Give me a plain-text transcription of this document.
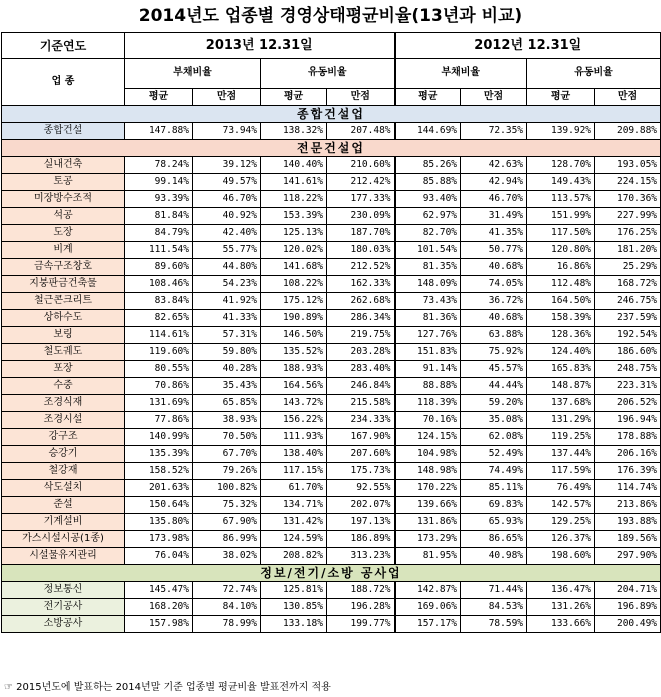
2014년도 업종별 경영상태평균비율(13년과 비교)
기준연도	2013년 12.31일				2012년 12.31일			
업 종	부채비율		유동비율		부채비율		유동비율	
	평균	만점	평균	만점	평균	만점	평균	만점
종합건설업								
종합건설	147.88%	73.94%	138.32%	207.48%	144.69%	72.35%	139.92%	209.88%
전문건설업								
실내건축	78.24%	39.12%	140.40%	210.60%	85.26%	42.63%	128.70%	193.05%
토공	99.14%	49.57%	141.61%	212.42%	85.88%	42.94%	149.43%	224.15%
미장방수조적	93.39%	46.70%	118.22%	177.33%	93.40%	46.70%	113.57%	170.36%
석공	81.84%	40.92%	153.39%	230.09%	62.97%	31.49%	151.99%	227.99%
도장	84.79%	42.40%	125.13%	187.70%	82.70%	41.35%	117.50%	176.25%
비계	111.54%	55.77%	120.02%	180.03%	101.54%	50.77%	120.80%	181.20%
금속구조창호	89.60%	44.80%	141.68%	212.52%	81.35%	40.68%	16.86%	25.29%
지붕판금건축물	108.46%	54.23%	108.22%	162.33%	148.09%	74.05%	112.48%	168.72%
철근콘크리트	83.84%	41.92%	175.12%	262.68%	73.43%	36.72%	164.50%	246.75%
상하수도	82.65%	41.33%	190.89%	286.34%	81.36%	40.68%	158.39%	237.59%
보링	114.61%	57.31%	146.50%	219.75%	127.76%	63.88%	128.36%	192.54%
철도궤도	119.60%	59.80%	135.52%	203.28%	151.83%	75.92%	124.40%	186.60%
포장	80.55%	40.28%	188.93%	283.40%	91.14%	45.57%	165.83%	248.75%
수중	70.86%	35.43%	164.56%	246.84%	88.88%	44.44%	148.87%	223.31%
조경식재	131.69%	65.85%	143.72%	215.58%	118.39%	59.20%	137.68%	206.52%
조경시설	77.86%	38.93%	156.22%	234.33%	70.16%	35.08%	131.29%	196.94%
강구조	140.99%	70.50%	111.93%	167.90%	124.15%	62.08%	119.25%	178.88%
승강기	135.39%	67.70%	138.40%	207.60%	104.98%	52.49%	137.44%	206.16%
철강재	158.52%	79.26%	117.15%	175.73%	148.98%	74.49%	117.59%	176.39%
삭도설치	201.63%	100.82%	61.70%	92.55%	170.22%	85.11%	76.49%	114.74%
준설	150.64%	75.32%	134.71%	202.07%	139.66%	69.83%	142.57%	213.86%
기계설비	135.80%	67.90%	131.42%	197.13%	131.86%	65.93%	129.25%	193.88%
가스시설시공(1종)	173.98%	86.99%	124.59%	186.89%	173.29%	86.65%	126.37%	189.56%
시설물유지관리	76.04%	38.02%	208.82%	313.23%	81.95%	40.98%	198.60%	297.90%
정보/전기/소방 공사업								
정보통신	145.47%	72.74%	125.81%	188.72%	142.87%	71.44%	136.47%	204.71%
전기공사	168.20%	84.10%	130.85%	196.28%	169.06%	84.53%	131.26%	196.89%
소방공사	157.98%	78.99%	133.18%	199.77%	157.17%	78.59%	133.66%	200.49%
☞ 2015년도에 발표하는 2014년말 기준 업종별 평균비율 발표전까지 적용
